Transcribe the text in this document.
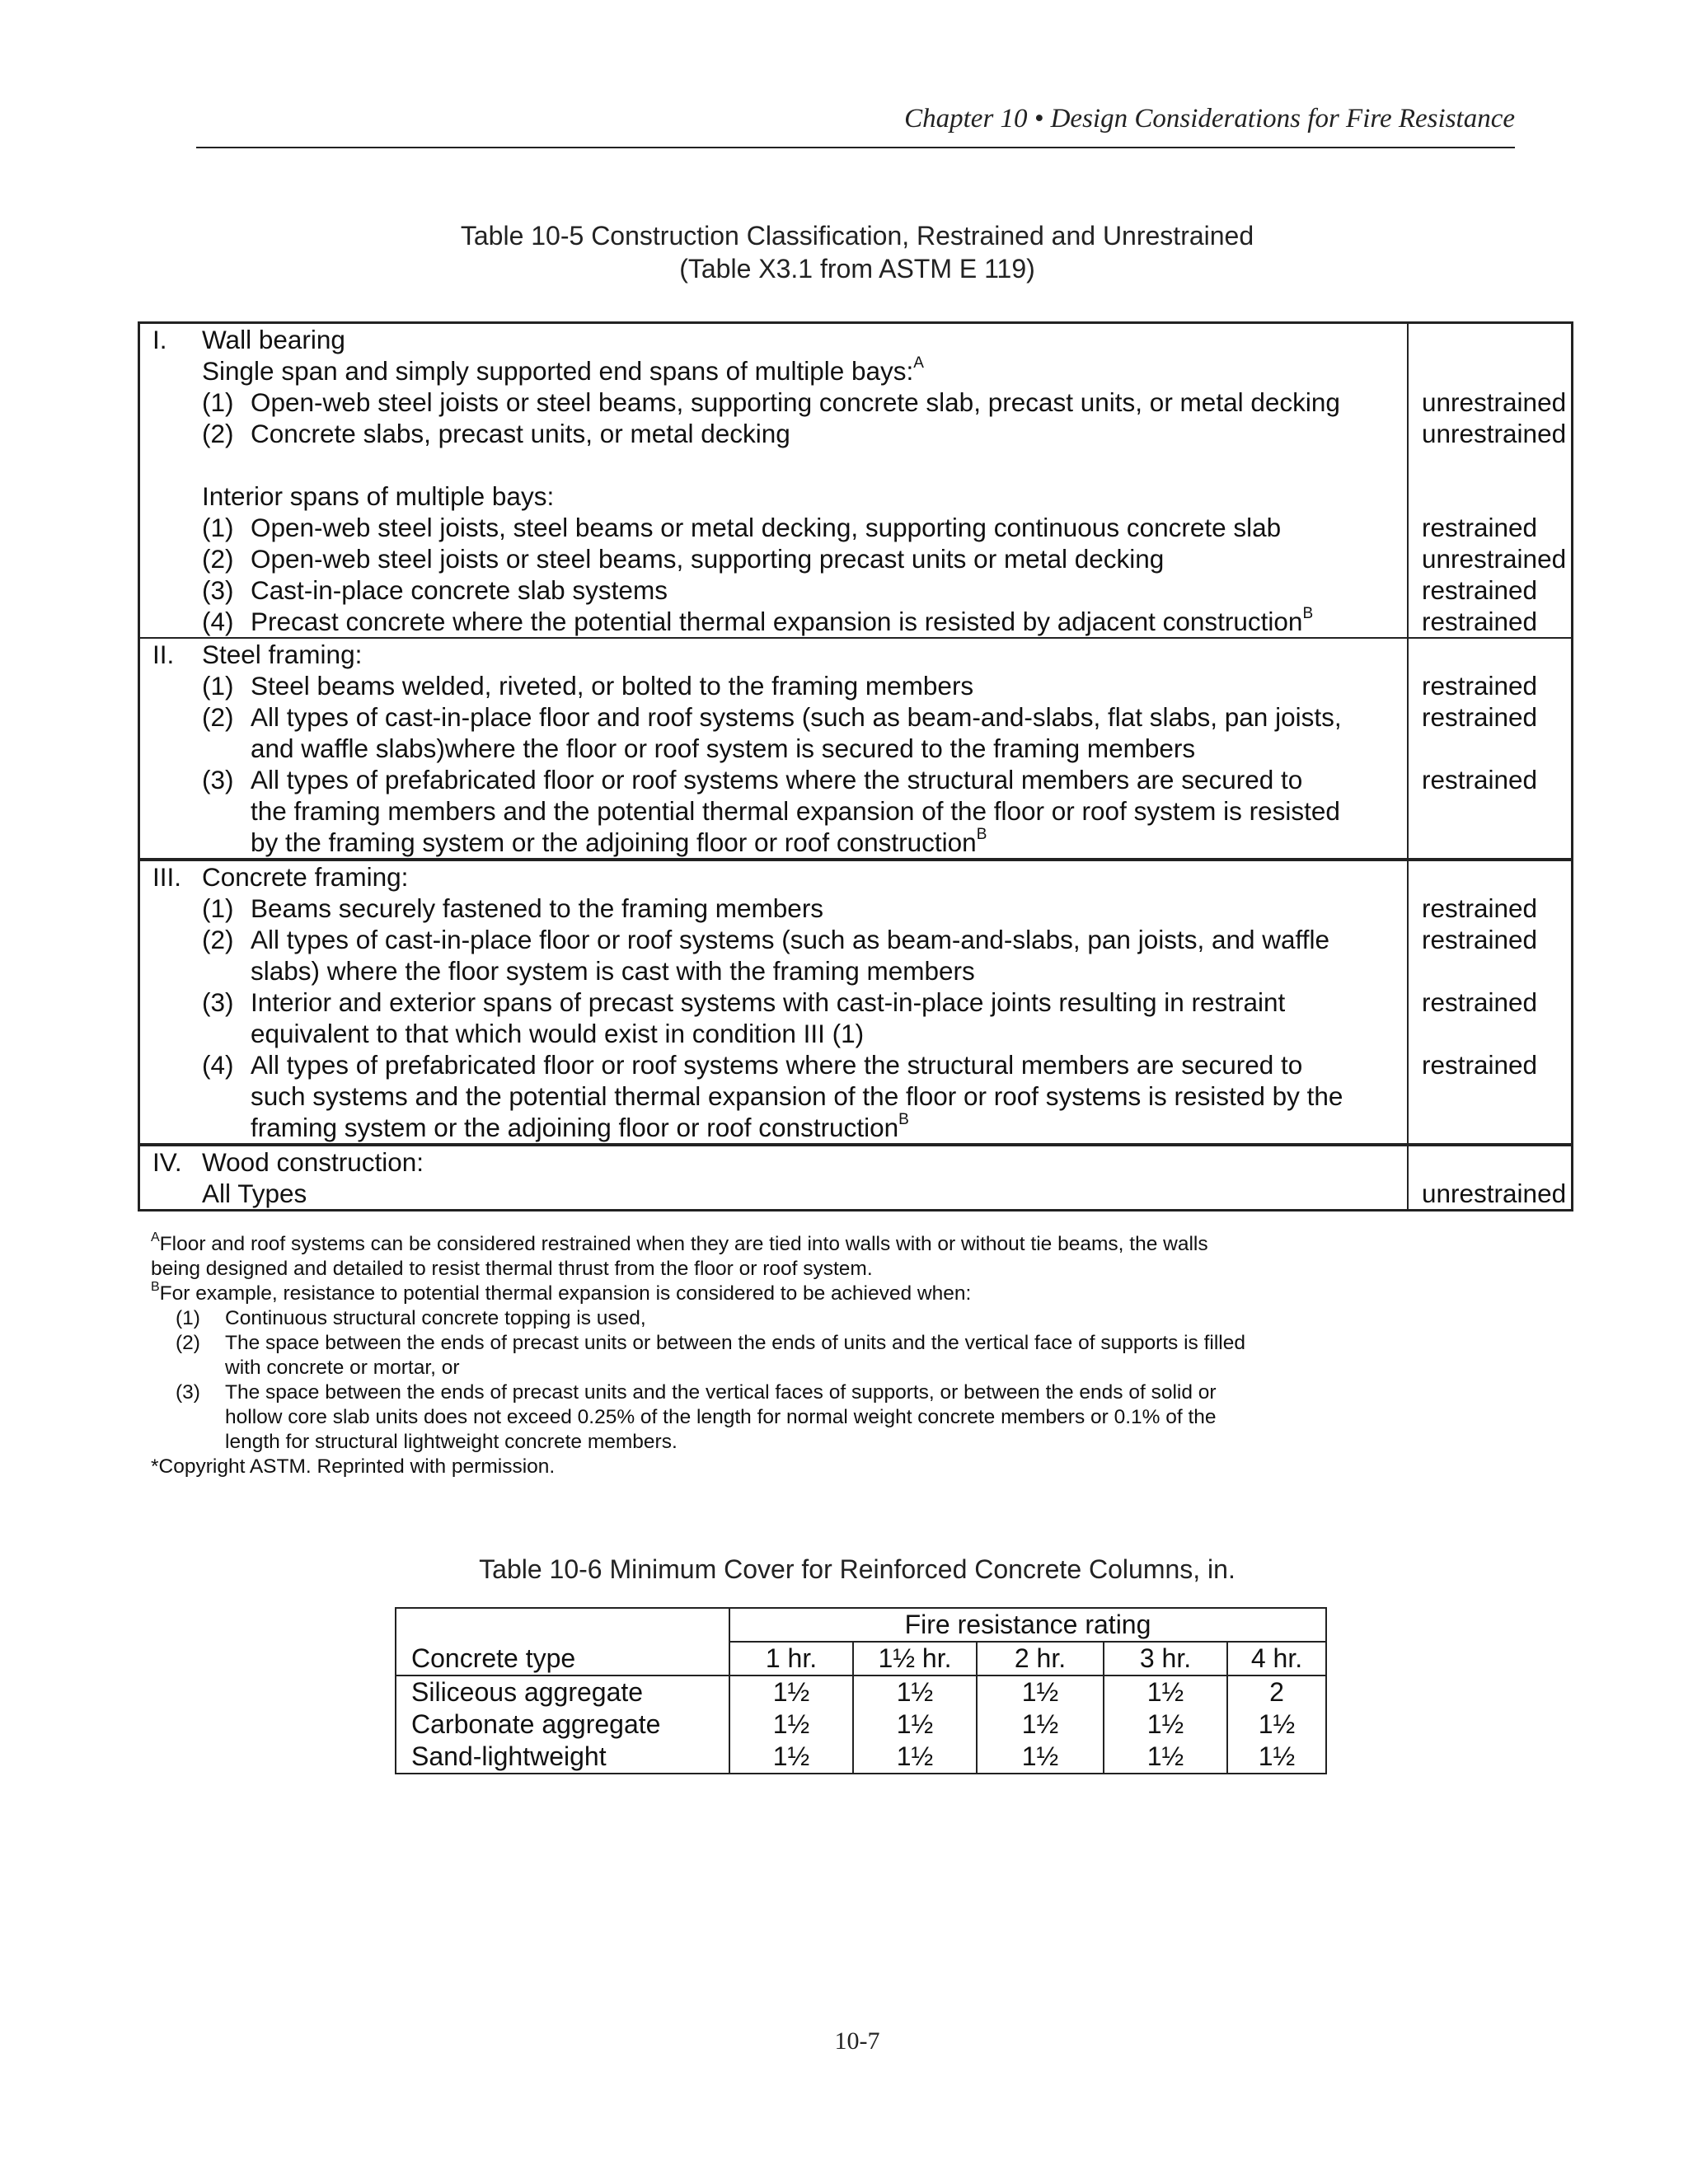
Chapter 10 • Design Considerations for Fire Resistance
Table 10-5 Construction Classification, Restrained and Unrestrained
(Table X3.1 from ASTM E 119)
I. Wall bearing
Single span and simply supported end spans of multiple bays:$^A$
(1) Open-web steel joists or steel beams, supporting concrete slab, precast units, or metal decking	unrestrained
(2) Concrete slabs, precast units, or metal decking	unrestrained
Interior spans of multiple bays:
(1) Open-web steel joists, steel beams or metal decking, supporting continuous concrete slab	restrained
(2) Open-web steel joists or steel beams, supporting precast units or metal decking	unrestrained
(3) Cast-in-place concrete slab systems	restrained
(4) Precast concrete where the potential thermal expansion is resisted by adjacent construction$^B$	restrained
II. Steel framing:
(1) Steel beams welded, riveted, or bolted to the framing members	restrained
(2) All types of cast-in-place floor and roof systems (such as beam-and-slabs, flat slabs, pan joists,	restrained
and waffle slabs)where the floor or roof system is secured to the framing members
(3) All types of prefabricated floor or roof systems where the structural members are secured to	restrained
the framing members and the potential thermal expansion of the floor or roof system is resisted
by the framing system or the adjoining floor or roof construction$^B$
III. Concrete framing:
(1) Beams securely fastened to the framing members	restrained
(2) All types of cast-in-place floor or roof systems (such as beam-and-slabs, pan joists, and waffle	restrained
slabs) where the floor system is cast with the framing members
(3) Interior and exterior spans of precast systems with cast-in-place joints resulting in restraint	restrained
equivalent to that which would exist in condition III (1)
(4) All types of prefabricated floor or roof systems where the structural members are secured to	restrained
such systems and the potential thermal expansion of the floor or roof systems is resisted by the
framing system or the adjoining floor or roof construction$^B$
IV. Wood construction:
All Types	unrestrained
$^A$Floor and roof systems can be considered restrained when they are tied into walls with or without tie beams, the walls
being designed and detailed to resist thermal thrust from the floor or roof system.
$^B$For example, resistance to potential thermal expansion is considered to be achieved when:
(1) Continuous structural concrete topping is used,
(2) The space between the ends of precast units or between the ends of units and the vertical face of supports is filled
with concrete or mortar, or
(3) The space between the ends of precast units and the vertical faces of supports, or between the ends of solid or
hollow core slab units does not exceed 0.25% of the length for normal weight concrete members or 0.1% of the
length for structural lightweight concrete members.
*Copyright ASTM. Reprinted with permission.
Table 10-6 Minimum Cover for Reinforced Concrete Columns, in.
	Fire resistance rating				
Concrete type	1 hr.	1½ hr.	2 hr.	3 hr.	4 hr.
Siliceous aggregate	1½	1½	1½	1½	2
Carbonate aggregate	1½	1½	1½	1½	1½
Sand-lightweight	1½	1½	1½	1½	1½
10-7
